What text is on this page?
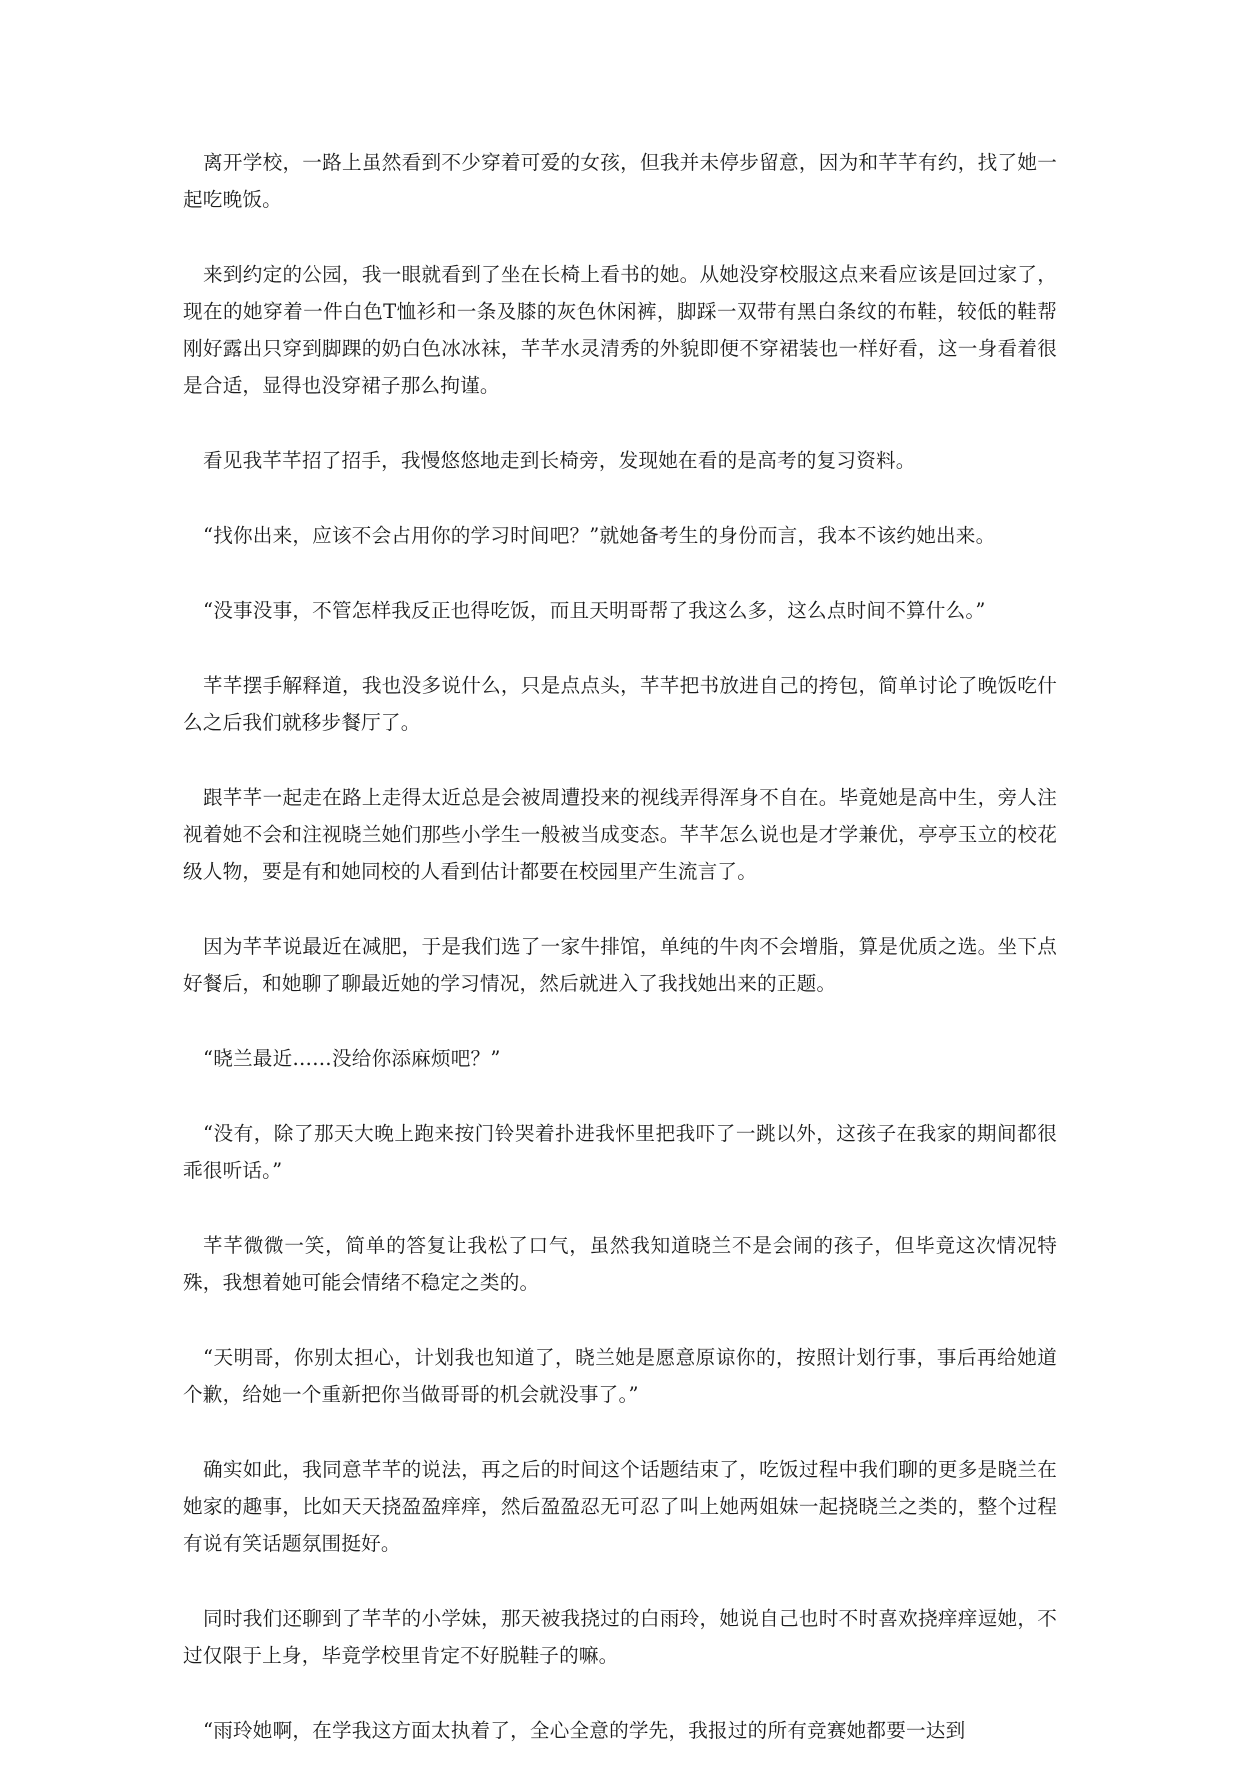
离开学校，一路上虽然看到不少穿着可爱的女孩，但我并未停步留意，因为和芊芊有约，找了她一起吃晚饭。

来到约定的公园，我一眼就看到了坐在长椅上看书的她。从她没穿校服这点来看应该是回过家了，现在的她穿着一件白色T恤衫和一条及膝的灰色休闲裤，脚踩一双带有黑白条纹的布鞋，较低的鞋帮刚好露出只穿到脚踝的奶白色冰冰袜，芊芊水灵清秀的外貌即便不穿裙装也一样好看，这一身看着很是合适，显得也没穿裙子那么拘谨。

看见我芊芊招了招手，我慢悠悠地走到长椅旁，发现她在看的是高考的复习资料。

“找你出来，应该不会占用你的学习时间吧？”就她备考生的身份而言，我本不该约她出来。

“没事没事，不管怎样我反正也得吃饭，而且天明哥帮了我这么多，这么点时间不算什么。”

芊芊摆手解释道，我也没多说什么，只是点点头，芊芊把书放进自己的挎包，简单讨论了晚饭吃什么之后我们就移步餐厅了。

跟芊芊一起走在路上走得太近总是会被周遭投来的视线弄得浑身不自在。毕竟她是高中生，旁人注视着她不会和注视晓兰她们那些小学生一般被当成变态。芊芊怎么说也是才学兼优，亭亭玉立的校花级人物，要是有和她同校的人看到估计都要在校园里产生流言了。

因为芊芊说最近在减肥，于是我们选了一家牛排馆，单纯的牛肉不会增脂，算是优质之选。坐下点好餐后，和她聊了聊最近她的学习情况，然后就进入了我找她出来的正题。

“晓兰最近……没给你添麻烦吧？”

“没有，除了那天大晚上跑来按门铃哭着扑进我怀里把我吓了一跳以外，这孩子在我家的期间都很乖很听话。”

芊芊微微一笑，简单的答复让我松了口气，虽然我知道晓兰不是会闹的孩子，但毕竟这次情况特殊，我想着她可能会情绪不稳定之类的。

“天明哥，你别太担心，计划我也知道了，晓兰她是愿意原谅你的，按照计划行事，事后再给她道个歉，给她一个重新把你当做哥哥的机会就没事了。”

确实如此，我同意芊芊的说法，再之后的时间这个话题结束了，吃饭过程中我们聊的更多是晓兰在她家的趣事，比如天天挠盈盈痒痒，然后盈盈忍无可忍了叫上她两姐妹一起挠晓兰之类的，整个过程有说有笑话题氛围挺好。

同时我们还聊到了芊芊的小学妹，那天被我挠过的白雨玲，她说自己也时不时喜欢挠痒痒逗她，不过仅限于上身，毕竟学校里肯定不好脱鞋子的嘛。

“雨玲她啊，在学我这方面太执着了，全心全意的学先，我报过的所有竞赛她都要一达到
